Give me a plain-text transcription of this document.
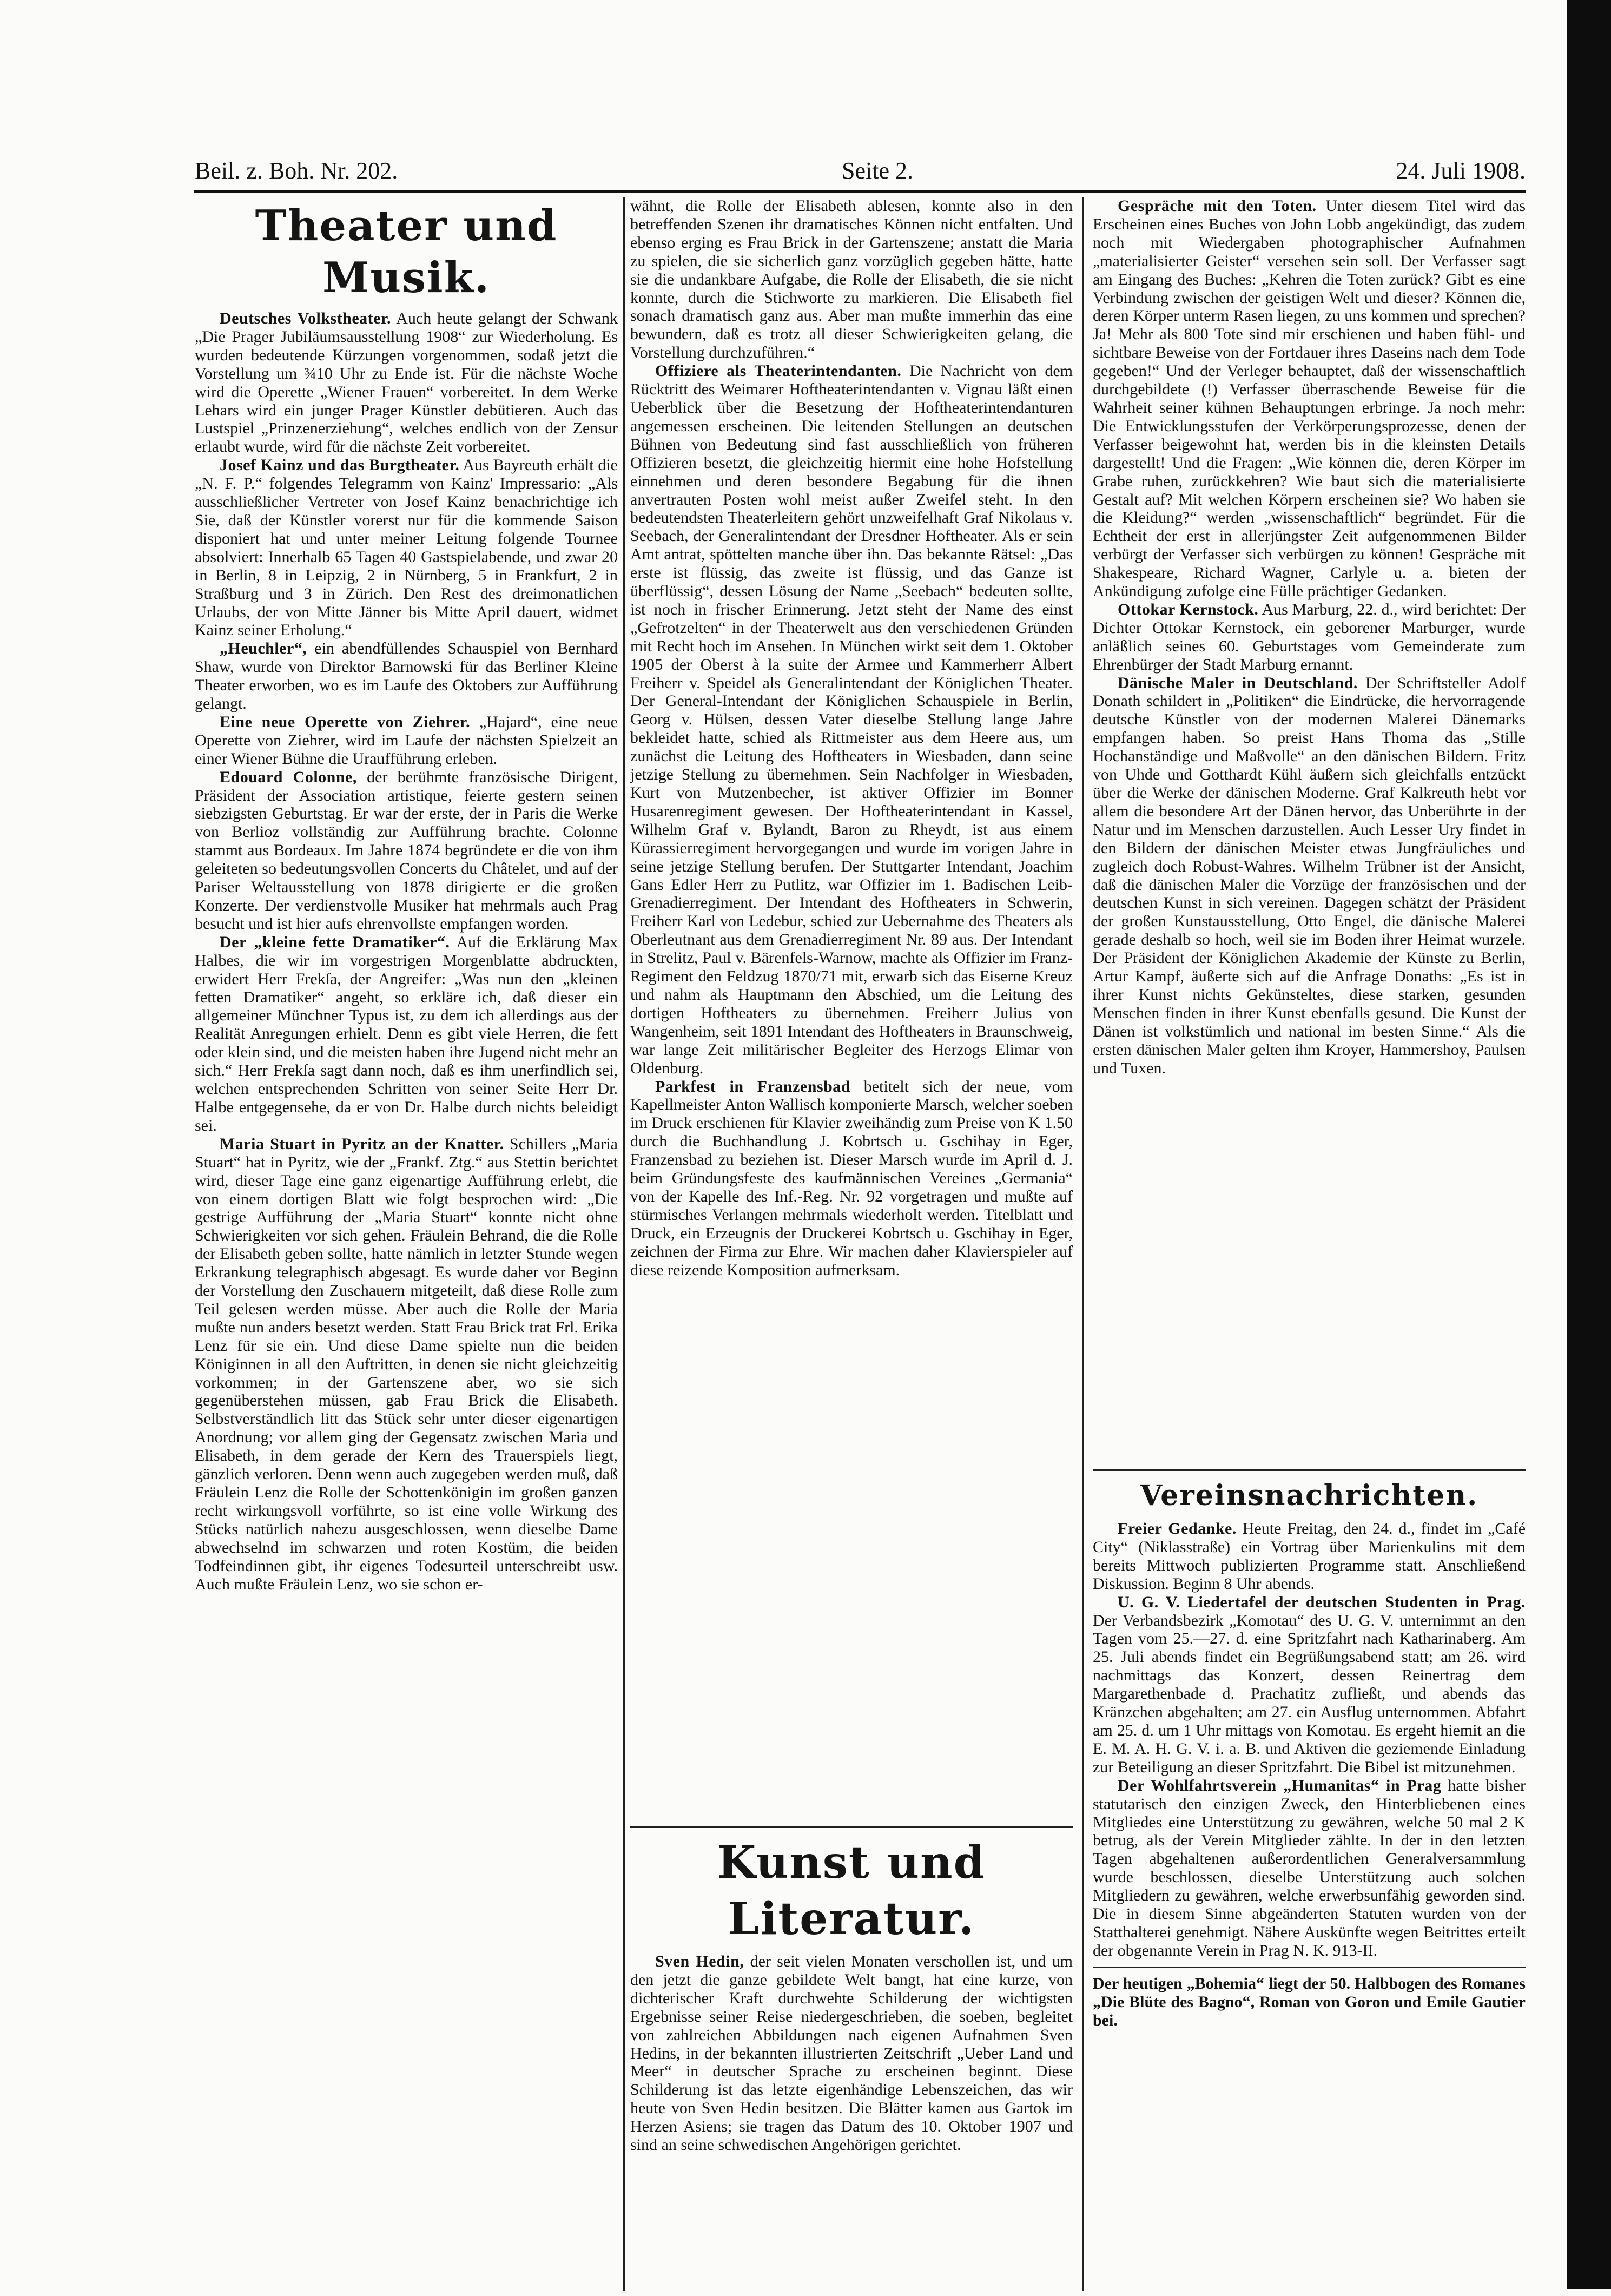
Beil. z. Boh. Nr. 202.	Seite 2.	24. Juli 1908.
Theater und Musik.

Deutsches Volkstheater. Auch heute gelangt der Schwank „Die Prager Jubiläumsausstellung 1908“ zur Wiederholung. Es wurden bedeutende Kürzungen vorgenommen, sodaß jetzt die Vorstellung um ¾10 Uhr zu Ende ist. Für die nächste Woche wird die Operette „Wiener Frauen“ vorbereitet. In dem Werke Lehars wird ein junger Prager Künstler debütieren. Auch das Lustspiel „Prinzenerziehung“, welches endlich von der Zensur erlaubt wurde, wird für die nächste Zeit vorbereitet.

Josef Kainz und das Burgtheater. Aus Bayreuth erhält die „N. F. P.“ folgendes Telegramm von Kainz' Impressario: „Als ausschließlicher Vertreter von Josef Kainz benachrichtige ich Sie, daß der Künstler vorerst nur für die kommende Saison disponiert hat und unter meiner Leitung folgende Tournee absolviert: Innerhalb 65 Tagen 40 Gastspielabende, und zwar 20 in Berlin, 8 in Leipzig, 2 in Nürnberg, 5 in Frankfurt, 2 in Straßburg und 3 in Zürich. Den Rest des dreimonatlichen Urlaubs, der von Mitte Jänner bis Mitte April dauert, widmet Kainz seiner Erholung.“

„Heuchler“, ein abendfüllendes Schauspiel von Bernhard Shaw, wurde von Direktor Barnowski für das Berliner Kleine Theater erworben, wo es im Laufe des Oktobers zur Aufführung gelangt.

Eine neue Operette von Ziehrer. „Hajard“, eine neue Operette von Ziehrer, wird im Laufe der nächsten Spielzeit an einer Wiener Bühne die Uraufführung erleben.

Edouard Colonne, der berühmte französische Dirigent, Präsident der Association artistique, feierte gestern seinen siebzigsten Geburtstag. Er war der erste, der in Paris die Werke von Berlioz vollständig zur Aufführung brachte. Colonne stammt aus Bordeaux. Im Jahre 1874 begründete er die von ihm geleiteten so bedeutungsvollen Concerts du Châtelet, und auf der Pariser Weltausstellung von 1878 dirigierte er die großen Konzerte. Der verdienstvolle Musiker hat mehrmals auch Prag besucht und ist hier aufs ehrenvollste empfangen worden.

Der „kleine fette Dramatiker“. Auf die Erklärung Max Halbes, die wir im vorgestrigen Morgenblatte abdruckten, erwidert Herr Frekſa, der Angreifer: „Was nun den „kleinen fetten Dramatiker“ angeht, so erkläre ich, daß dieser ein allgemeiner Münchner Typus ist, zu dem ich allerdings aus der Realität Anregungen erhielt. Denn es gibt viele Herren, die fett oder klein sind, und die meisten haben ihre Jugend nicht mehr an sich.“ Herr Frekſa sagt dann noch, daß es ihm unerfindlich sei, welchen entsprechenden Schritten von seiner Seite Herr Dr. Halbe entgegensehe, da er von Dr. Halbe durch nichts beleidigt sei.

Maria Stuart in Pyritz an der Knatter. Schillers „Maria Stuart“ hat in Pyritz, wie der „Frankf. Ztg.“ aus Stettin berichtet wird, dieser Tage eine ganz eigenartige Aufführung erlebt, die von einem dortigen Blatt wie folgt besprochen wird: „Die gestrige Aufführung der „Maria Stuart“ konnte nicht ohne Schwierigkeiten vor sich gehen. Fräulein Behrand, die die Rolle der Elisabeth geben sollte, hatte nämlich in letzter Stunde wegen Erkrankung telegraphisch abgesagt. Es wurde daher vor Beginn der Vorstellung den Zuschauern mitgeteilt, daß diese Rolle zum Teil gelesen werden müsse. Aber auch die Rolle der Maria mußte nun anders besetzt werden. Statt Frau Brick trat Frl. Erika Lenz für sie ein. Und diese Dame spielte nun die beiden Königinnen in all den Auftritten, in denen sie nicht gleichzeitig vorkommen; in der Gartenszene aber, wo sie sich gegenüberstehen müssen, gab Frau Brick die Elisabeth. Selbstverständlich litt das Stück sehr unter dieser eigenartigen Anordnung; vor allem ging der Gegensatz zwischen Maria und Elisabeth, in dem gerade der Kern des Trauerspiels liegt, gänzlich verloren. Denn wenn auch zugegeben werden muß, daß Fräulein Lenz die Rolle der Schottenkönigin im großen ganzen recht wirkungsvoll vorführte, so ist eine volle Wirkung des Stücks natürlich nahezu ausgeschlossen, wenn dieselbe Dame abwechselnd im schwarzen und roten Kostüm, die beiden Todfeindinnen gibt, ihr eigenes Todesurteil unterschreibt usw. Auch mußte Fräulein Lenz, wo sie schon er-

wähnt, die Rolle der Elisabeth ablesen, konnte also in den betreffenden Szenen ihr dramatisches Können nicht entfalten. Und ebenso erging es Frau Brick in der Gartenszene; anstatt die Maria zu spielen, die sie sicherlich ganz vorzüglich gegeben hätte, hatte sie die undankbare Aufgabe, die Rolle der Elisabeth, die sie nicht konnte, durch die Stichworte zu markieren. Die Elisabeth fiel sonach dramatisch ganz aus. Aber man mußte immerhin das eine bewundern, daß es trotz all dieser Schwierigkeiten gelang, die Vorstellung durchzuführen.“

Offiziere als Theaterintendanten. Die Nachricht von dem Rücktritt des Weimarer Hoftheaterintendanten v. Vignau läßt einen Ueberblick über die Besetzung der Hoftheaterintendanturen angemessen erscheinen. Die leitenden Stellungen an deutschen Bühnen von Bedeutung sind fast ausschließlich von früheren Offizieren besetzt, die gleichzeitig hiermit eine hohe Hofstellung einnehmen und deren besondere Begabung für die ihnen anvertrauten Posten wohl meist außer Zweifel steht. In den bedeutendsten Theaterleitern gehört unzweifelhaft Graf Nikolaus v. Seebach, der Generalintendant der Dresdner Hoftheater. Als er sein Amt antrat, spöttelten manche über ihn. Das bekannte Rätsel: „Das erste ist flüssig, das zweite ist flüssig, und das Ganze ist überflüssig“, dessen Lösung der Name „Seebach“ bedeuten sollte, ist noch in frischer Erinnerung. Jetzt steht der Name des einst „Gefrotzelten“ in der Theaterwelt aus den verschiedenen Gründen mit Recht hoch im Ansehen. In München wirkt seit dem 1. Oktober 1905 der Oberst à la suite der Armee und Kammerherr Albert Freiherr v. Speidel als Generalintendant der Königlichen Theater. Der General-Intendant der Königlichen Schauspiele in Berlin, Georg v. Hülsen, dessen Vater dieselbe Stellung lange Jahre bekleidet hatte, schied als Rittmeister aus dem Heere aus, um zunächst die Leitung des Hoftheaters in Wiesbaden, dann seine jetzige Stellung zu übernehmen. Sein Nachfolger in Wiesbaden, Kurt von Mutzenbecher, ist aktiver Offizier im Bonner Husarenregiment gewesen. Der Hoftheaterintendant in Kassel, Wilhelm Graf v. Bylandt, Baron zu Rheydt, ist aus einem Kürassierregiment hervorgegangen und wurde im vorigen Jahre in seine jetzige Stellung berufen. Der Stuttgarter Intendant, Joachim Gans Edler Herr zu Putlitz, war Offizier im 1. Badischen Leib-Grenadierregiment. Der Intendant des Hoftheaters in Schwerin, Freiherr Karl von Ledebur, schied zur Uebernahme des Theaters als Oberleutnant aus dem Grenadierregiment Nr. 89 aus. Der Intendant in Strelitz, Paul v. Bärenfels-Warnow, machte als Offizier im Franz-Regiment den Feldzug 1870/71 mit, erwarb sich das Eiserne Kreuz und nahm als Hauptmann den Abschied, um die Leitung des dortigen Hoftheaters zu übernehmen. Freiherr Julius von Wangenheim, seit 1891 Intendant des Hoftheaters in Braunschweig, war lange Zeit militärischer Begleiter des Herzogs Elimar von Oldenburg.

Parkfest in Franzensbad betitelt sich der neue, vom Kapellmeister Anton Wallisch komponierte Marsch, welcher soeben im Druck erschienen für Klavier zweihändig zum Preise von K 1.50 durch die Buchhandlung J. Kobrtsch u. Gschihay in Eger, Franzensbad zu beziehen ist. Dieser Marsch wurde im April d. J. beim Gründungsfeste des kaufmännischen Vereines „Germania“ von der Kapelle des Inf.-Reg. Nr. 92 vorgetragen und mußte auf stürmisches Verlangen mehrmals wiederholt werden. Titelblatt und Druck, ein Erzeugnis der Druckerei Kobrtsch u. Gschihay in Eger, zeichnen der Firma zur Ehre. Wir machen daher Klavierspieler auf diese reizende Komposition aufmerksam.

Kunst und Literatur.

Sven Hedin, der seit vielen Monaten verschollen ist, und um den jetzt die ganze gebildete Welt bangt, hat eine kurze, von dichterischer Kraft durchwehte Schilderung der wichtigsten Ergebnisse seiner Reise niedergeschrieben, die soeben, begleitet von zahlreichen Abbildungen nach eigenen Aufnahmen Sven Hedins, in der bekannten illustrierten Zeitschrift „Ueber Land und Meer“ in deutscher Sprache zu erscheinen beginnt. Diese Schilderung ist das letzte eigenhändige Lebenszeichen, das wir heute von Sven Hedin besitzen. Die Blätter kamen aus Gartok im Herzen Asiens; sie tragen das Datum des 10. Oktober 1907 und sind an seine schwedischen Angehörigen gerichtet.

Gespräche mit den Toten. Unter diesem Titel wird das Erscheinen eines Buches von John Lobb angekündigt, das zudem noch mit Wiedergaben photographischer Aufnahmen „materialisierter Geister“ versehen sein soll. Der Verfasser sagt am Eingang des Buches: „Kehren die Toten zurück? Gibt es eine Verbindung zwischen der geistigen Welt und dieser? Können die, deren Körper unterm Rasen liegen, zu uns kommen und sprechen? Ja! Mehr als 800 Tote sind mir erschienen und haben fühl- und sichtbare Beweise von der Fortdauer ihres Daseins nach dem Tode gegeben!“ Und der Verleger behauptet, daß der wissenschaftlich durchgebildete (!) Verfasser überraschende Beweise für die Wahrheit seiner kühnen Behauptungen erbringe. Ja noch mehr: Die Entwicklungsstufen der Verkörperungsprozesse, denen der Verfasser beigewohnt hat, werden bis in die kleinsten Details dargestellt! Und die Fragen: „Wie können die, deren Körper im Grabe ruhen, zurückkehren? Wie baut sich die materialisierte Gestalt auf? Mit welchen Körpern erscheinen sie? Wo haben sie die Kleidung?“ werden „wissenschaftlich“ begründet. Für die Echtheit der erst in allerjüngster Zeit aufgenommenen Bilder verbürgt der Verfasser sich verbürgen zu können! Gespräche mit Shakespeare, Richard Wagner, Carlyle u. a. bieten der Ankündigung zufolge eine Fülle prächtiger Gedanken.

Ottokar Kernstock. Aus Marburg, 22. d., wird berichtet: Der Dichter Ottokar Kernstock, ein geborener Marburger, wurde anläßlich seines 60. Geburtstages vom Gemeinderate zum Ehrenbürger der Stadt Marburg ernannt.

Dänische Maler in Deutschland. Der Schriftsteller Adolf Donath schildert in „Politiken“ die Eindrücke, die hervorragende deutsche Künstler von der modernen Malerei Dänemarks empfangen haben. So preist Hans Thoma das „Stille Hochanständige und Maßvolle“ an den dänischen Bildern. Fritz von Uhde und Gotthardt Kühl äußern sich gleichfalls entzückt über die Werke der dänischen Moderne. Graf Kalkreuth hebt vor allem die besondere Art der Dänen hervor, das Unberührte in der Natur und im Menschen darzustellen. Auch Lesser Ury findet in den Bildern der dänischen Meister etwas Jungfräuliches und zugleich doch Robust-Wahres. Wilhelm Trübner ist der Ansicht, daß die dänischen Maler die Vorzüge der französischen und der deutschen Kunst in sich vereinen. Dagegen schätzt der Präsident der großen Kunstausstellung, Otto Engel, die dänische Malerei gerade deshalb so hoch, weil sie im Boden ihrer Heimat wurzele. Der Präsident der Königlichen Akademie der Künste zu Berlin, Artur Kampf, äußerte sich auf die Anfrage Donaths: „Es ist in ihrer Kunst nichts Gekünsteltes, diese starken, gesunden Menschen finden in ihrer Kunst ebenfalls gesund. Die Kunst der Dänen ist volkstümlich und national im besten Sinne.“ Als die ersten dänischen Maler gelten ihm Kroyer, Hammershoy, Paulsen und Tuxen.

Vereinsnachrichten.

Freier Gedanke. Heute Freitag, den 24. d., findet im „Café City“ (Niklasstraße) ein Vortrag über Marienkulins mit dem bereits Mittwoch publizierten Programme statt. Anschließend Diskussion. Beginn 8 Uhr abends.

U. G. V. Liedertafel der deutschen Studenten in Prag. Der Verbandsbezirk „Komotau“ des U. G. V. unternimmt an den Tagen vom 25.—27. d. eine Spritzfahrt nach Katharinaberg. Am 25. Juli abends findet ein Begrüßungsabend statt; am 26. wird nachmittags das Konzert, dessen Reinertrag dem Margarethenbade d. Prachatitz zufließt, und abends das Kränzchen abgehalten; am 27. ein Ausflug unternommen. Abfahrt am 25. d. um 1 Uhr mittags von Komotau. Es ergeht hiemit an die E. M. A. H. G. V. i. a. B. und Aktiven die geziemende Einladung zur Beteiligung an dieser Spritzfahrt. Die Bibel ist mitzunehmen.

Der Wohlfahrtsverein „Humanitas“ in Prag hatte bisher statutarisch den einzigen Zweck, den Hinterbliebenen eines Mitgliedes eine Unterstützung zu gewähren, welche 50 mal 2 K betrug, als der Verein Mitglieder zählte. In der in den letzten Tagen abgehaltenen außerordentlichen Generalversammlung wurde beschlossen, dieselbe Unterstützung auch solchen Mitgliedern zu gewähren, welche erwerbsunfähig geworden sind. Die in diesem Sinne abgeänderten Statuten wurden von der Statthalterei genehmigt. Nähere Auskünfte wegen Beitrittes erteilt der obgenannte Verein in Prag N. K. 913-II.

Der heutigen „Bohemia“ liegt der 50. Halbbogen des Romanes „Die Blüte des Bagno“, Roman von Goron und Emile Gautier bei.
